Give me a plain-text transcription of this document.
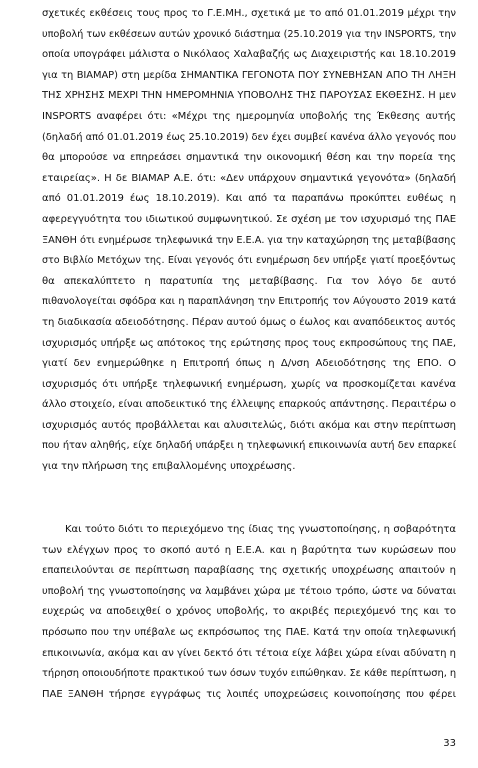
σχετικές εκθέσεις τους προς το Γ.Ε.ΜΗ., σχετικά με το από 01.01.2019 μέχρι την
υποβολή των εκθέσεων αυτών χρονικό διάστημα (25.10.2019 για την INSPORTS, την
οποία υπογράφει μάλιστα ο Νικόλαος Χαλαβαζής ως Διαχειριστής και 18.10.2019
για τη ΒΙΑΜΑΡ) στη μερίδα ΣΗΜΑΝΤΙΚΑ ΓΕΓΟΝΟΤΑ ΠΟΥ ΣΥΝΕΒΗΣΑΝ ΑΠΟ ΤΗ ΛΗΞΗ
ΤΗΣ ΧΡΗΣΗΣ ΜΕΧΡΙ ΤΗΝ ΗΜΕΡΟΜΗΝΙΑ ΥΠΟΒΟΛΗΣ ΤΗΣ ΠΑΡΟΥΣΑΣ ΕΚΘΕΣΗΣ. Η μεν
INSPORTS αναφέρει ότι: «Μέχρι της ημερομηνία υποβολής της Έκθεσης αυτής
(δηλαδή από 01.01.2019 έως 25.10.2019) δεν έχει συμβεί κανένα άλλο γεγονός που
θα μπορούσε να επηρεάσει σημαντικά την οικονομική θέση και την πορεία της
εταιρείας». Η δε ΒΙΑΜΑΡ Α.Ε. ότι: «Δεν υπάρχουν σημαντικά γεγονότα» (δηλαδή
από 01.01.2019 έως 18.10.2019). Και από τα παραπάνω προκύπτει ευθέως η
αφερεγγυότητα του ιδιωτικού συμφωνητικού. Σε σχέση με τον ισχυρισμό της ΠΑΕ
ΞΑΝΘΗ ότι ενημέρωσε τηλεφωνικά την Ε.Ε.Α. για την καταχώρηση της μεταβίβασης
στο Βιβλίο Μετόχων της. Είναι γεγονός ότι ενημέρωση δεν υπήρξε γιατί προεξόντως
θα απεκαλύπτετο η παρατυπία της μεταβίβασης. Για τον λόγο δε αυτό
πιθανολογείται σφόδρα και η παραπλάνηση την Επιτροπής τον Αύγουστο 2019 κατά
τη διαδικασία αδειοδότησης. Πέραν αυτού όμως ο έωλος και αναπόδεικτος αυτός
ισχυρισμός υπήρξε ως απότοκος της ερώτησης προς τους εκπροσώπους της ΠΑΕ,
γιατί δεν ενημερώθηκε η Επιτροπή όπως η Δ/νση Αδειοδότησης της ΕΠΟ. Ο
ισχυρισμός ότι υπήρξε τηλεφωνική ενημέρωση, χωρίς να προσκομίζεται κανένα
άλλο στοιχείο, είναι αποδεικτικό της έλλειψης επαρκούς απάντησης. Περαιτέρω ο
ισχυρισμός αυτός προβάλλεται και αλυσιτελώς, διότι ακόμα και στην περίπτωση
που ήταν αληθής, είχε δηλαδή υπάρξει η τηλεφωνική επικοινωνία αυτή δεν επαρκεί
για την πλήρωση της επιβαλλομένης υποχρέωσης.
Και τούτο διότι το περιεχόμενο της ίδιας της γνωστοποίησης, η σοβαρότητα
των ελέγχων προς το σκοπό αυτό η Ε.Ε.Α. και η βαρύτητα των κυρώσεων που
επαπειλούνται σε περίπτωση παραβίασης της σχετικής υποχρέωσης απαιτούν η
υποβολή της γνωστοποίησης να λαμβάνει χώρα με τέτοιο τρόπο, ώστε να δύναται
ευχερώς να αποδειχθεί ο χρόνος υποβολής, το ακριβές περιεχόμενό της και το
πρόσωπο που την υπέβαλε ως εκπρόσωπος της ΠΑΕ. Κατά την οποία τηλεφωνική
επικοινωνία, ακόμα και αν γίνει δεκτό ότι τέτοια είχε λάβει χώρα είναι αδύνατη η
τήρηση οποιουδήποτε πρακτικού των όσων τυχόν ειπώθηκαν. Σε κάθε περίπτωση, η
ΠΑΕ ΞΑΝΘΗ τήρησε εγγράφως τις λοιπές υποχρεώσεις κοινοποίησης που φέρει
33
